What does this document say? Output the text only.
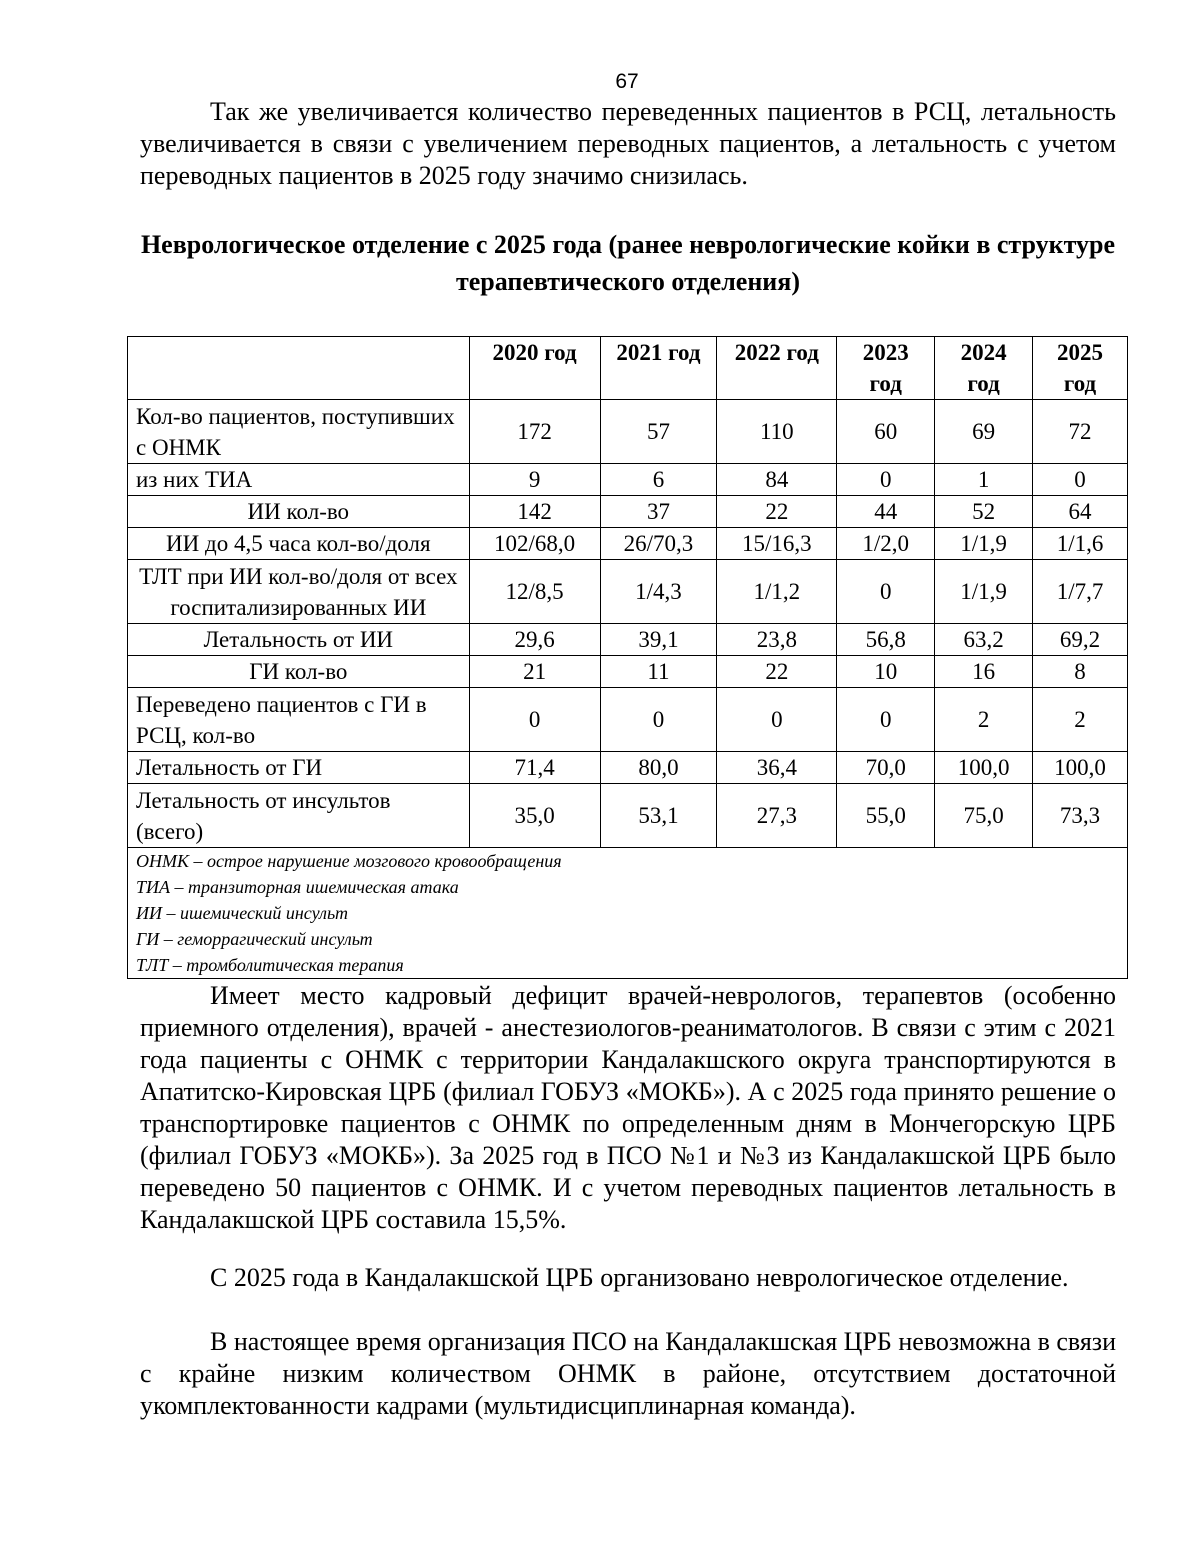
67

Так же увеличивается количество переведенных пациентов в РСЦ, летальность увеличивается в связи с увеличением переводных пациентов, а летальность с учетом переводных пациентов в 2025 году значимо снизилась.

Неврологическое отделение с 2025 года (ранее неврологические койки в структуре терапевтического отделения)
	2020 год	2021 год	2022 год	2023 год	2024 год	2025 год
Кол-во пациентов, поступивших с ОНМК	172	57	110	60	69	72
из них ТИА	9	6	84	0	1	0
ИИ кол-во	142	37	22	44	52	64
ИИ до 4,5 часа кол-во/доля	102/68,0	26/70,3	15/16,3	1/2,0	1/1,9	1/1,6
ТЛТ при ИИ кол-во/доля от всех госпитализированных ИИ	12/8,5	1/4,3	1/1,2	0	1/1,9	1/7,7
Летальность от ИИ	29,6	39,1	23,8	56,8	63,2	69,2
ГИ кол-во	21	11	22	10	16	8
Переведено пациентов с ГИ в РСЦ, кол-во	0	0	0	0	2	2
Летальность от ГИ	71,4	80,0	36,4	70,0	100,0	100,0
Летальность от инсультов (всего)	35,0	53,1	27,3	55,0	75,0	73,3

ОНМК – острое нарушение мозгового кровообращения
ТИА – транзиторная ишемическая атака
ИИ – ишемический инсульт
ГИ – геморрагический инсульт
ТЛТ – тромболитическая терапия						

Имеет место кадровый дефицит врачей-неврологов, терапевтов (особенно приемного отделения), врачей - анестезиологов-реаниматологов. В связи с этим с 2021 года пациенты с ОНМК с территории Кандалакшского округа транспортируются в Апатитско-Кировская ЦРБ (филиал ГОБУЗ «МОКБ»). А с 2025 года принято решение о транспортировке пациентов с ОНМК по определенным дням в Мончегорскую ЦРБ (филиал ГОБУЗ «МОКБ»). За 2025 год в ПСО №1 и №3 из Кандалакшской ЦРБ было переведено 50 пациентов с ОНМК. И с учетом переводных пациентов летальность в Кандалакшской ЦРБ составила 15,5%.

С 2025 года в Кандалакшской ЦРБ организовано неврологическое отделение.

В настоящее время организация ПСО на Кандалакшская ЦРБ невозможна в связи с крайне низким количеством ОНМК в районе, отсутствием достаточной укомплектованности кадрами (мультидисциплинарная команда).
